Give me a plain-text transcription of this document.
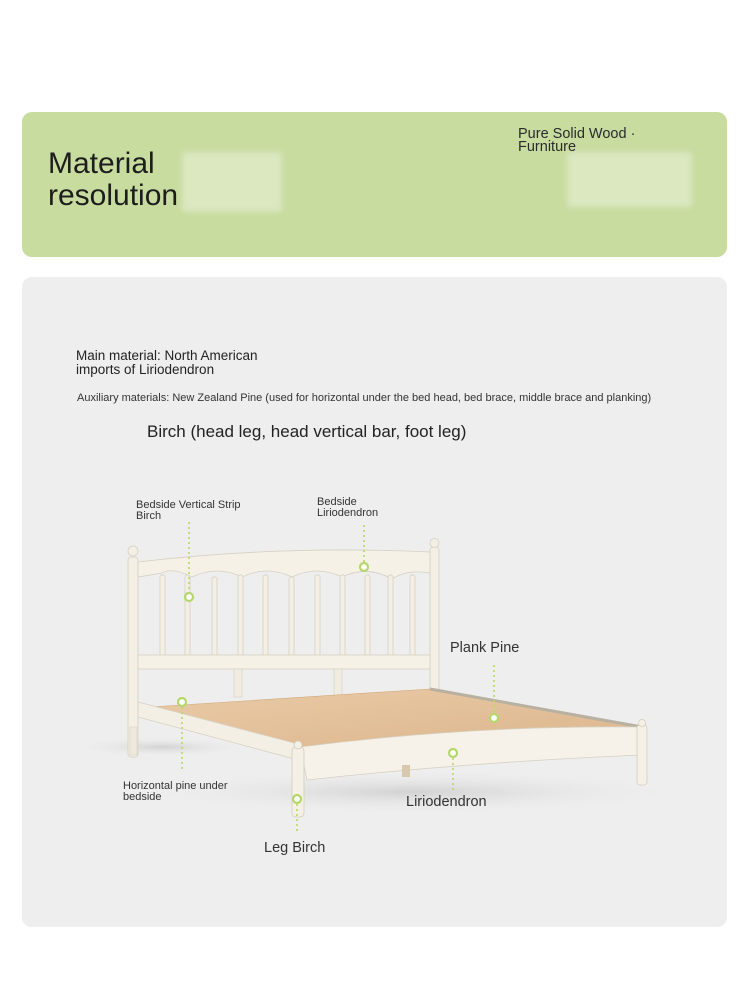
Material
resolution
Pure Solid Wood ·
Furniture
Main material: North American
imports of Liriodendron
Auxiliary materials: New Zealand Pine (used for horizontal under the bed head, bed brace, middle brace and planking)
Birch (head leg, head vertical bar, foot leg)
Bedside Vertical Strip
Birch
Bedside
Liriodendron
Plank Pine
Horizontal pine under
bedside	Liriodendron
Leg Birch
